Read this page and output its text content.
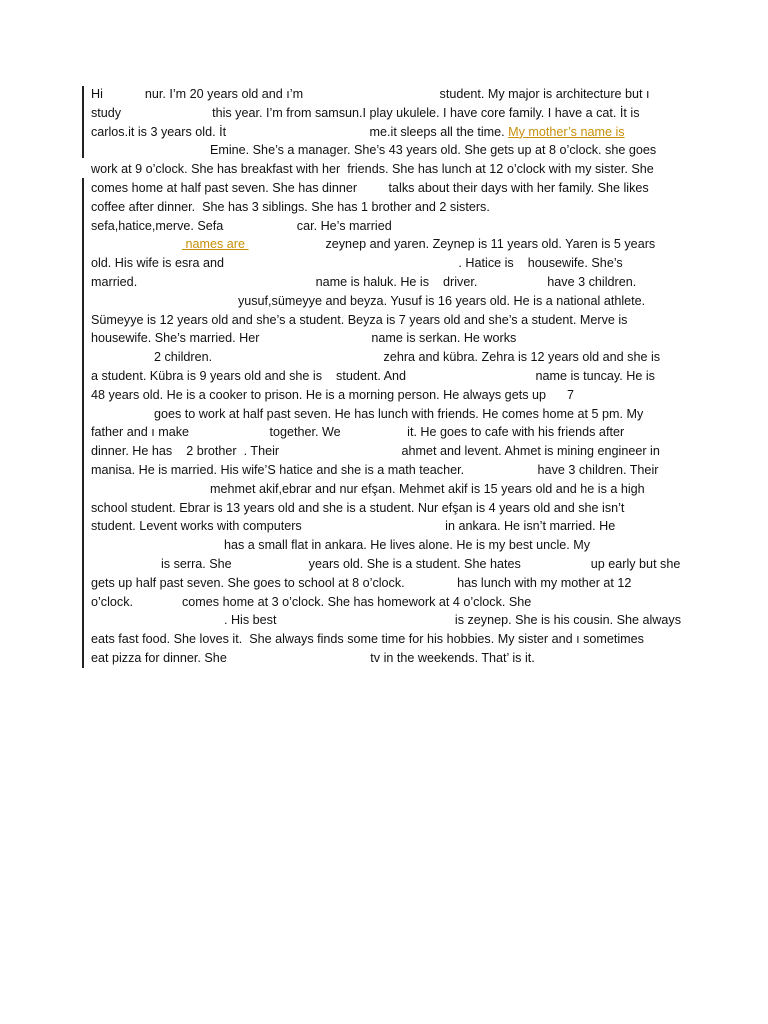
Hi            nur. I’m 20 years old and ı’m                                       student. My major is architecture but ı
study                          this year. I’m from samsun.I play ukulele. I have core family. I have a cat. İt is
carlos.it is 3 years old. İt                                         me.it sleeps all the time. My mother’s name is
Emine. She’s a manager. She’s 43 years old. She gets up at 8 o’clock. she goes
work at 9 o’clock. She has breakfast with her  friends. She has lunch at 12 o’clock with my sister. She
comes home at half past seven. She has dinner         talks about their days with her family. She likes
coffee after dinner.  She has 3 siblings. She has 1 brother and 2 sisters.
sefa,hatice,merve. Sefa                     car. He’s married
names are                       zeynep and yaren. Zeynep is 11 years old. Yaren is 5 years
old. His wife is esra and                                                                   . Hatice is    housewife. She’s
married.                                                   name is haluk. He is    driver.                    have 3 children.
yusuf,sümeyye and beyza. Yusuf is 16 years old. He is a national athlete.
Sümeyye is 12 years old and she’s a student. Beyza is 7 years old and she’s a student. Merve is
housewife. She’s married. Her                                name is serkan. He works
2 children.                                                 zehra and kübra. Zehra is 12 years old and she is
a student. Kübra is 9 years old and she is    student. And                                     name is tuncay. He is
48 years old. He is a cooker to prison. He is a morning person. He always gets up      7
goes to work at half past seven. He has lunch with friends. He comes home at 5 pm. My
father and ı make                       together. We                   it. He goes to cafe with his friends after
dinner. He has    2 brother  . Their                                   ahmet and levent. Ahmet is mining engineer in
manisa. He is married. His wife’S hatice and she is a math teacher.                     have 3 children. Their
mehmet akif,ebrar and nur efşan. Mehmet akif is 15 years old and he is a high
school student. Ebrar is 13 years old and she is a student. Nur efşan is 4 years old and she isn’t
student. Levent works with computers                                         in ankara. He isn’t married. He
has a small flat in ankara. He lives alone. He is my best uncle. My
is serra. She                      years old. She is a student. She hates                    up early but she
gets up half past seven. She goes to school at 8 o’clock.               has lunch with my mother at 12
o’clock.              comes home at 3 o’clock. She has homework at 4 o’clock. She
. His best                                                   is zeynep. She is his cousin. She always
eats fast food. She loves it.  She always finds some time for his hobbies. My sister and ı sometimes
eat pizza for dinner. She                                         tv in the weekends. That’ is it.
